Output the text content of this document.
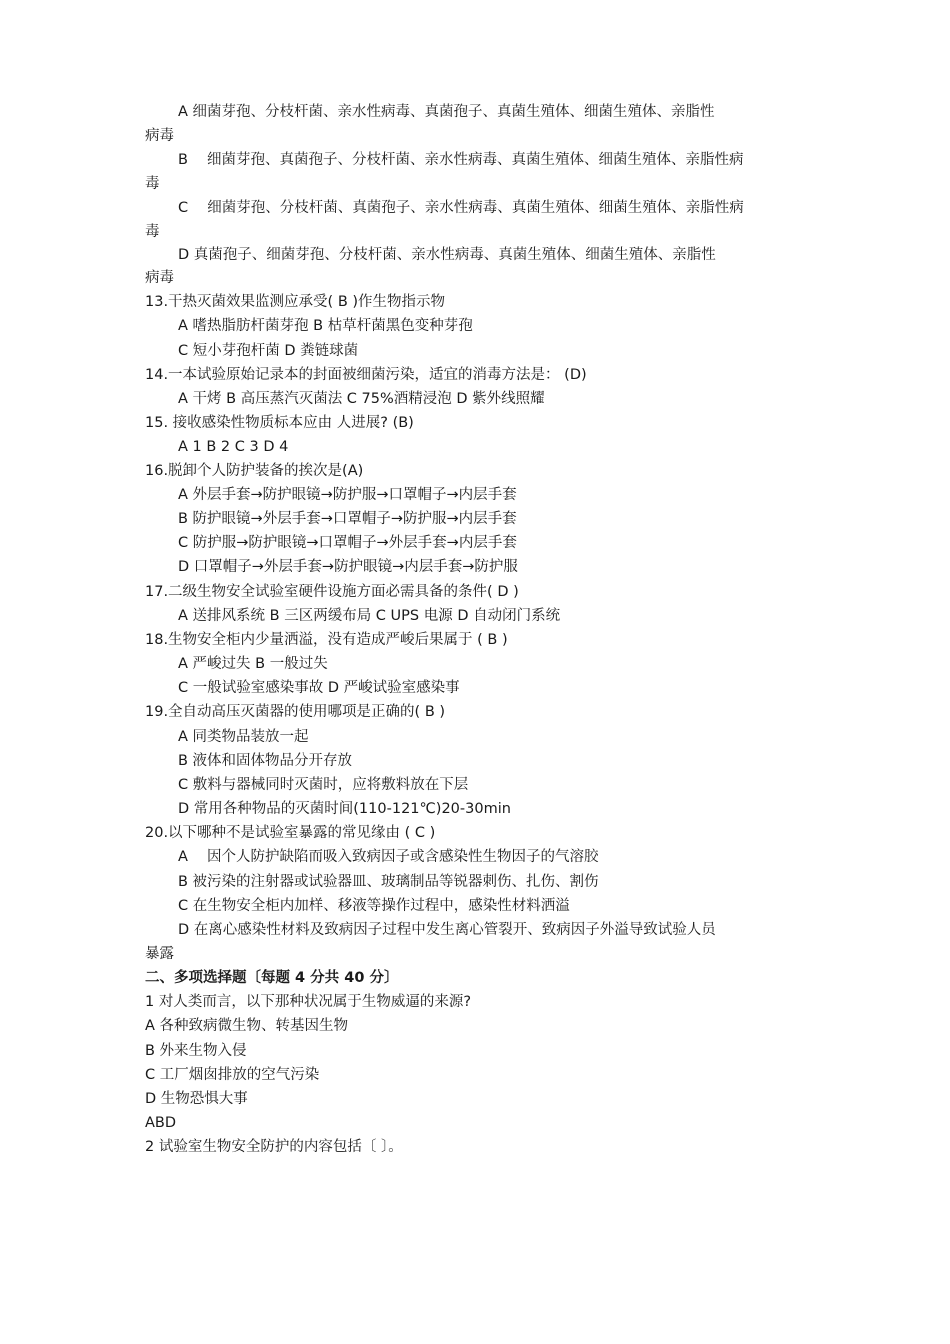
A 细菌芽孢、分枝杆菌、亲水性病毒、真菌孢子、真菌生殖体、细菌生殖体、亲脂性
病毒
B　 细菌芽孢、真菌孢子、分枝杆菌、亲水性病毒、真菌生殖体、细菌生殖体、亲脂性病
毒
C　 细菌芽孢、分枝杆菌、真菌孢子、亲水性病毒、真菌生殖体、细菌生殖体、亲脂性病
毒
D 真菌孢子、细菌芽孢、分枝杆菌、亲水性病毒、真菌生殖体、细菌生殖体、亲脂性
病毒
13.干热灭菌效果监测应承受( B )作生物指示物
A 嗜热脂肪杆菌芽孢 B 枯草杆菌黑色变种芽孢
C 短小芽孢杆菌 D 粪链球菌
14.一本试验原始记录本的封面被细菌污染，适宜的消毒方法是： (D)
A 干烤 B 高压蒸汽灭菌法 C 75%酒精浸泡 D 紫外线照耀
15. 接收感染性物质标本应由 人进展? (B)
A 1 B 2 C 3 D 4
16.脱卸个人防护装备的挨次是(A)
A 外层手套→防护眼镜→防护服→口罩帽子→内层手套
B 防护眼镜→外层手套→口罩帽子→防护服→内层手套
C 防护服→防护眼镜→口罩帽子→外层手套→内层手套
D 口罩帽子→外层手套→防护眼镜→内层手套→防护服
17.二级生物安全试验室硬件设施方面必需具备的条件( D )
A 送排风系统 B 三区两缓布局 C UPS 电源 D 自动闭门系统
18.生物安全柜内少量洒溢，没有造成严峻后果属于 ( B )
A 严峻过失 B 一般过失
C 一般试验室感染事故 D 严峻试验室感染事
19.全自动高压灭菌器的使用哪项是正确的( B )
A 同类物品装放一起
B 液体和固体物品分开存放
C 敷料与器械同时灭菌时，应将敷料放在下层
D 常用各种物品的灭菌时间(110-121℃)20-30min
20.以下哪种不是试验室暴露的常见缘由 ( C )
A　 因个人防护缺陷而吸入致病因子或含感染性生物因子的气溶胶
B 被污染的注射器或试验器皿、玻璃制品等锐器刺伤、扎伤、割伤
C 在生物安全柜内加样、移液等操作过程中，感染性材料洒溢
D 在离心感染性材料及致病因子过程中发生离心管裂开、致病因子外溢导致试验人员
暴露
二、多项选择题〔每题 4 分共 40 分〕
1 对人类而言，以下那种状况属于生物威逼的来源?
A 各种致病微生物、转基因生物
B 外来生物入侵
C 工厂烟囱排放的空气污染
D 生物恐惧大事
ABD
2 试验室生物安全防护的内容包括〔 〕。
